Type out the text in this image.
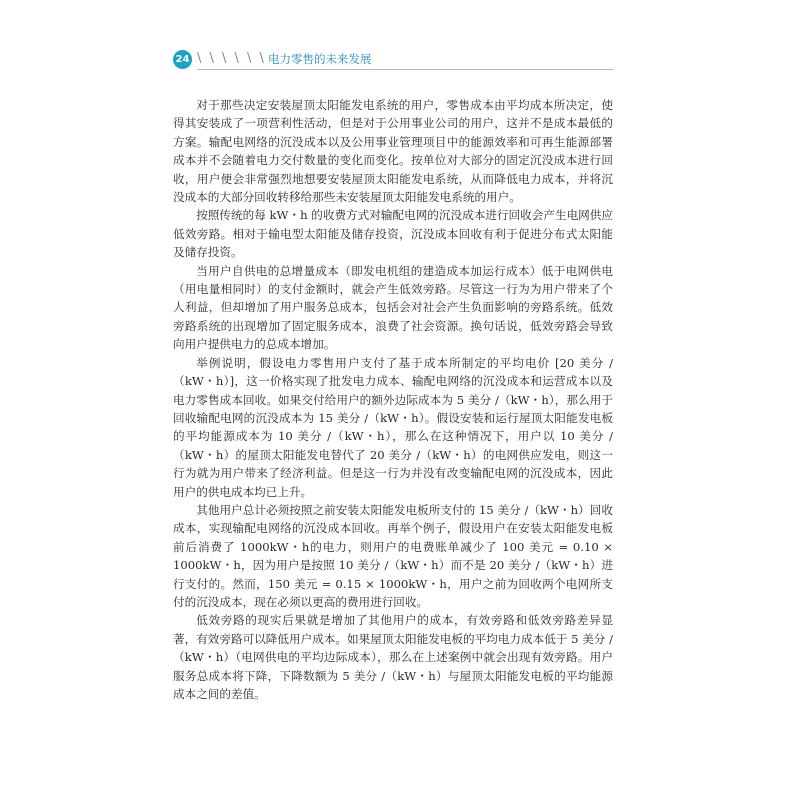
24 \ \ \ \ \ \ 电力零售的未来发展

对于那些决定安装屋顶太阳能发电系统的用户，零售成本由平均成本所决定，使得其安装成了一项营利性活动，但是对于公用事业公司的用户，这并不是成本最低的方案。输配电网络的沉没成本以及公用事业管理项目中的能源效率和可再生能源部署成本并不会随着电力交付数量的变化而变化。按单位对大部分的固定沉没成本进行回收，用户便会非常强烈地想要安装屋顶太阳能发电系统，从而降低电力成本，并将沉没成本的大部分回收转移给那些未安装屋顶太阳能发电系统的用户。

按照传统的每 kW・h 的收费方式对输配电网的沉没成本进行回收会产生电网供应低效旁路。相对于输电型太阳能及储存投资，沉没成本回收有利于促进分布式太阳能及储存投资。

当用户自供电的总增量成本（即发电机组的建造成本加运行成本）低于电网供电（用电量相同时）的支付金额时，就会产生低效旁路。尽管这一行为为用户带来了个人利益，但却增加了用户服务总成本，包括会对社会产生负面影响的旁路系统。低效旁路系统的出现增加了固定服务成本，浪费了社会资源。换句话说，低效旁路会导致向用户提供电力的总成本增加。

举例说明，假设电力零售用户支付了基于成本所制定的平均电价 [20 美分 /（kW・h）]，这一价格实现了批发电力成本、输配电网络的沉没成本和运营成本以及电力零售成本回收。如果交付给用户的额外边际成本为 5 美分 /（kW・h），那么用于回收输配电网的沉没成本为 15 美分 /（kW・h）。假设安装和运行屋顶太阳能发电板的平均能源成本为 10 美分 /（kW・h），那么在这种情况下，用户以 10 美分 /（kW・h）的屋顶太阳能发电替代了 20 美分 /（kW・h）的电网供应发电，则这一行为就为用户带来了经济利益。但是这一行为并没有改变输配电网的沉没成本，因此用户的供电成本均已上升。

其他用户总计必须按照之前安装太阳能发电板所支付的 15 美分 /（kW・h）回收成本，实现输配电网络的沉没成本回收。再举个例子，假设用户在安装太阳能发电板前后消费了 1000kW・h的电力，则用户的电费账单减少了 100 美元 = 0.10 × 1000kW・h，因为用户是按照 10 美分 /（kW・h）而不是 20 美分 /（kW・h）进行支付的。然而，150 美元 = 0.15 × 1000kW・h，用户之前为回收两个电网所支付的沉没成本，现在必须以更高的费用进行回收。

低效旁路的现实后果就是增加了其他用户的成本，有效旁路和低效旁路差异显著，有效旁路可以降低用户成本。如果屋顶太阳能发电板的平均电力成本低于 5 美分 /（kW・h）（电网供电的平均边际成本），那么在上述案例中就会出现有效旁路。用户服务总成本将下降，下降数额为 5 美分 /（kW・h）与屋顶太阳能发电板的平均能源成本之间的差值。
